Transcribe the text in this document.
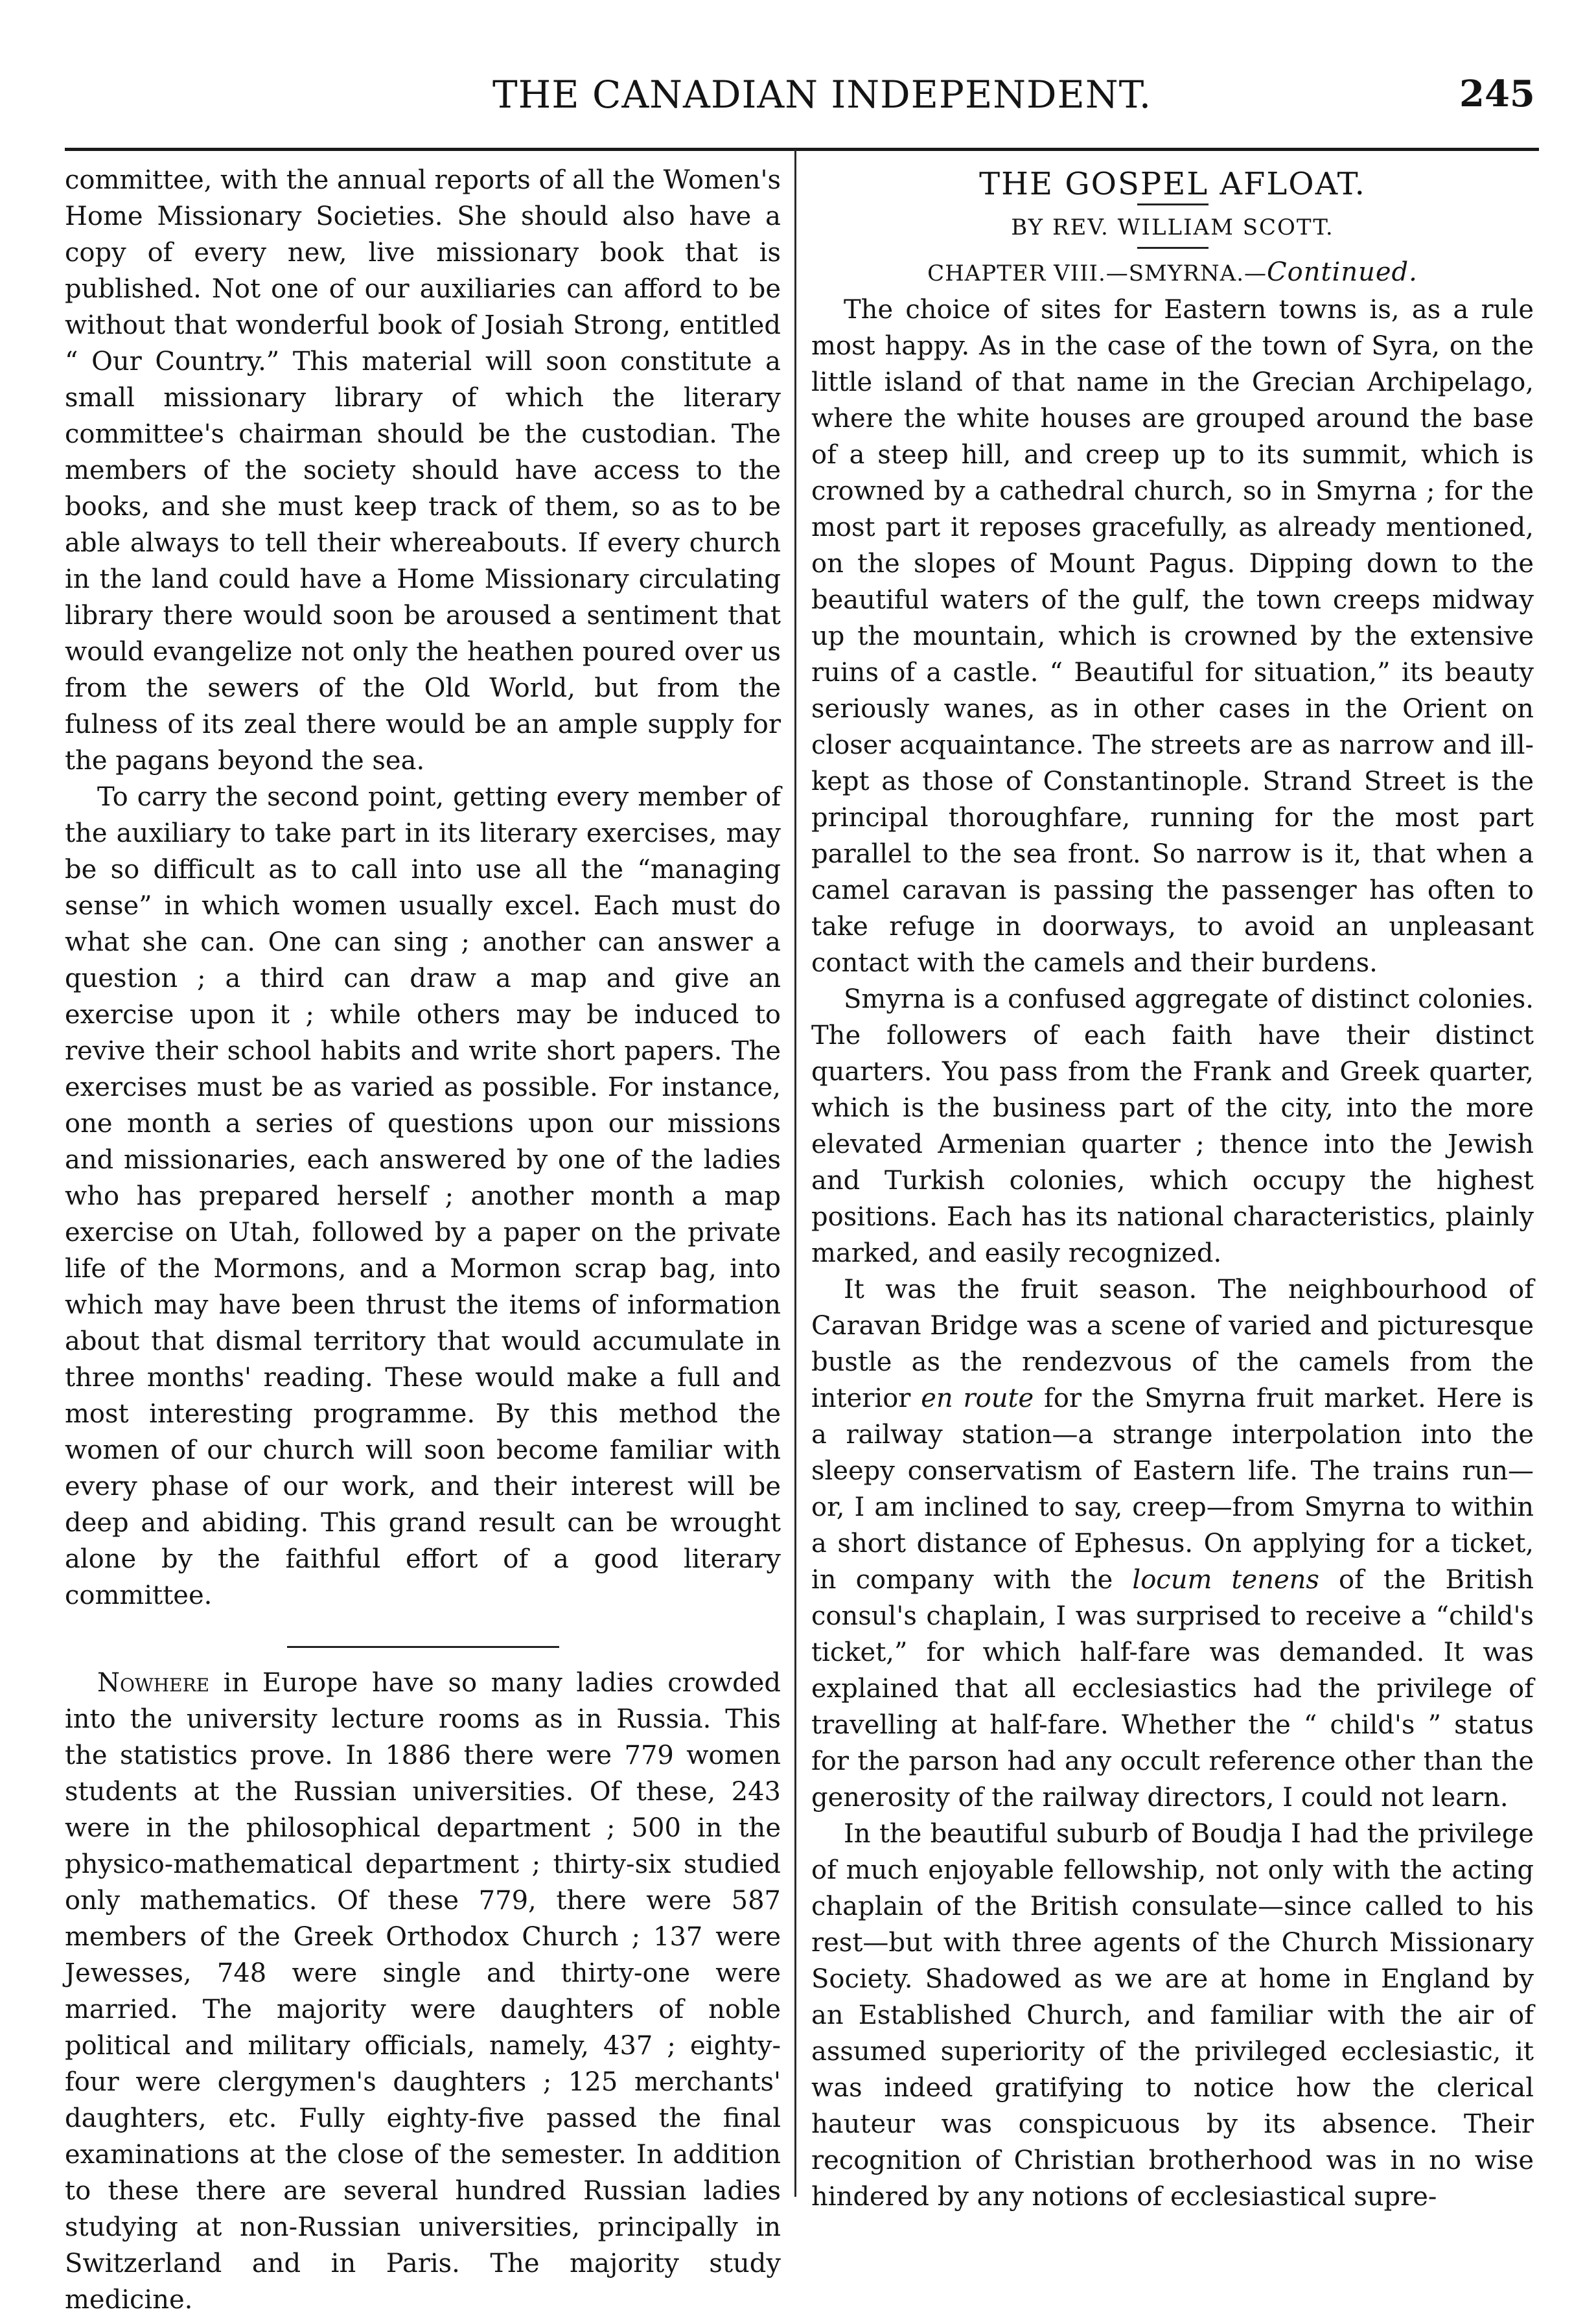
THE CANADIAN INDEPENDENT.	245

committee, with the annual reports of all the Women's Home Missionary Societies. She should also have a copy of every new, live missionary book that is published. Not one of our auxiliaries can afford to be without that wonderful book of Josiah Strong, entitled “ Our Country.” This material will soon constitute a small missionary library of which the literary committee's chairman should be the custodian. The members of the society should have access to the books, and she must keep track of them, so as to be able always to tell their whereabouts. If every church in the land could have a Home Missionary circulating library there would soon be aroused a sentiment that would evangelize not only the heathen poured over us from the sewers of the Old World, but from the fulness of its zeal there would be an ample supply for the pagans beyond the sea.

To carry the second point, getting every member of the auxiliary to take part in its literary exercises, may be so difficult as to call into use all the “managing sense” in which women usually excel. Each must do what she can. One can sing ; another can answer a question ; a third can draw a map and give an exercise upon it ; while others may be induced to revive their school habits and write short papers. The exercises must be as varied as possible. For instance, one month a series of questions upon our missions and missionaries, each answered by one of the ladies who has prepared herself ; another month a map exercise on Utah, followed by a paper on the private life of the Mormons, and a Mormon scrap bag, into which may have been thrust the items of information about that dismal territory that would accumulate in three months' reading. These would make a full and most interesting programme. By this method the women of our church will soon become familiar with every phase of our work, and their interest will be deep and abiding. This grand result can be wrought alone by the faithful effort of a good literary committee.

Nowhere in Europe have so many ladies crowded into the university lecture rooms as in Russia. This the statistics prove. In 1886 there were 779 women students at the Russian universities. Of these, 243 were in the philosophical department ; 500 in the physico-mathematical department ; thirty-six studied only mathematics. Of these 779, there were 587 members of the Greek Orthodox Church ; 137 were Jewesses, 748 were single and thirty-one were married. The majority were daughters of noble political and military officials, namely, 437 ; eighty-four were clergymen's daughters ; 125 merchants' daughters, etc. Fully eighty-five passed the final examinations at the close of the semester. In addition to these there are several hundred Russian ladies studying at non-Russian universities, principally in Switzerland and in Paris. The majority study medicine.

THE GOSPEL AFLOAT.
BY REV. WILLIAM SCOTT.
CHAPTER VIII.—SMYRNA.—Continued.

The choice of sites for Eastern towns is, as a rule most happy. As in the case of the town of Syra, on the little island of that name in the Grecian Archipelago, where the white houses are grouped around the base of a steep hill, and creep up to its summit, which is crowned by a cathedral church, so in Smyrna ; for the most part it reposes gracefully, as already mentioned, on the slopes of Mount Pagus. Dipping down to the beautiful waters of the gulf, the town creeps midway up the mountain, which is crowned by the extensive ruins of a castle. “ Beautiful for situation,” its beauty seriously wanes, as in other cases in the Orient on closer acquaintance. The streets are as narrow and ill-kept as those of Constantinople. Strand Street is the principal thoroughfare, running for the most part parallel to the sea front. So narrow is it, that when a camel caravan is passing the passenger has often to take refuge in doorways, to avoid an unpleasant contact with the camels and their burdens.

Smyrna is a confused aggregate of distinct colonies. The followers of each faith have their distinct quarters. You pass from the Frank and Greek quarter, which is the business part of the city, into the more elevated Armenian quarter ; thence into the Jewish and Turkish colonies, which occupy the highest positions. Each has its national characteristics, plainly marked, and easily recognized.

It was the fruit season. The neighbourhood of Caravan Bridge was a scene of varied and picturesque bustle as the rendezvous of the camels from the interior en route for the Smyrna fruit market. Here is a railway station—a strange interpolation into the sleepy conservatism of Eastern life. The trains run—or, I am inclined to say, creep—from Smyrna to within a short distance of Ephesus. On applying for a ticket, in company with the locum tenens of the British consul's chaplain, I was surprised to receive a “child's ticket,” for which half-fare was demanded. It was explained that all ecclesiastics had the privilege of travelling at half-fare. Whether the “ child's ” status for the parson had any occult reference other than the generosity of the railway directors, I could not learn.

In the beautiful suburb of Boudja I had the privilege of much enjoyable fellowship, not only with the acting chaplain of the British consulate—since called to his rest—but with three agents of the Church Missionary Society. Shadowed as we are at home in England by an Established Church, and familiar with the air of assumed superiority of the privileged ecclesiastic, it was indeed gratifying to notice how the clerical hauteur was conspicuous by its absence. Their recognition of Christian brotherhood was in no wise hindered by any notions of ecclesiastical supre-
